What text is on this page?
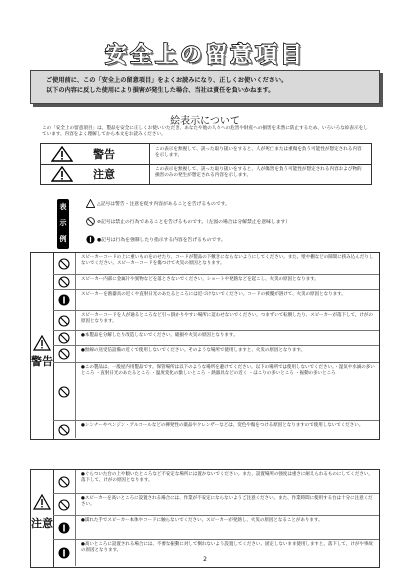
安全上の留意項目
ご使用前に、この「安全上の留意項目」をよくお読みになり、正しくお使いください。
以下の内容に反した使用により損害が発生した場合、当社は責任を負いかねます。
絵表示について
この「安全上の留意項目」は、製品を安全に正しくお使いいただき、あなたや他の人々への危害や財産への損害を未然に防止するため、いろいろな絵表示をしています。内容をよく理解してから本文をお読みください。
警告	この表示を無視して、誤った取り扱いをすると、人が死亡または重傷を負う可能性が想定される内容を示します。
注意	この表示を無視して、誤った取り扱いをすると、人が傷害を負う可能性が想定される内容および物的損害のみの発生が想定される内容を示します。
表
示
例
△記号は警告・注意を促す内容があることを告げるものです。
⊘記号は禁止の行為であることを告げるものです。（左図の場合は分解禁止を意味します）
●記号は行為を強制したり指示する内容を告げるものです。
警告
スピーカーコードの上に重いものをのせたり、コードが製品の下敷きにならないようにしてください。また、壁や棚などの隙間に挟み込んだりしないでください。スピーカーコードを傷つけて火災の原因となります。
スピーカー内部に金属片や異物などを落とさないでください。ショートや発熱などを起こし、火災の原因となります。
スピーカーを熱器具の近くや直射日光のあたるところには近づけないでください。コードの被覆が溶けて、火災の原因となります。
スピーカーコードを人が通るところなど引っ掛かりやすい場所に這わせないでください。つまずいて転倒したり、スピーカーが落下して、けがの原因となります。
●本製品を分解したり改造しないでください。破損や火災の原因となります。
●無線の送受信設備の近くで使用しないでください。そのような場所で使用しますと、火災の原因となります。
●この製品は、一般屋内用製品です。保管場所は以下のような場所を避けてください。以下の場所では使用しないでください。・湿気や水滴の多いところ ・直射日光のあたるところ ・温度変化の激しいところ ・熱器具などの近く ・ほこりの多いところ ・振動の多いところ
●シンナーやベンジン・アルコールなどの揮発性の薬品やクレンザーなどは、変色や傷をつける原因となりますので使用しないでください。
注意
●ぐらついた台の上や傾いたところなど不安定な場所には置かないでください。また、設置場所の強度は重さに耐えられるものにしてください。落下して、けがの原因となります。
●スピーカーを高いところに設置される場合には、作業が不安定にならないようご注意ください。また、作業時間に使用する台は十分に注意ください。
●濡れた手でスピーカー本体やコードに触らないでください。スピーカーが発熱し、火災の原因となることがあります。
●高いところに設置される場合には、不要な振動に対して倒れないよう設置してください。固定しないまま使用しますと、落下して、けがや事故の原因となります。
2
